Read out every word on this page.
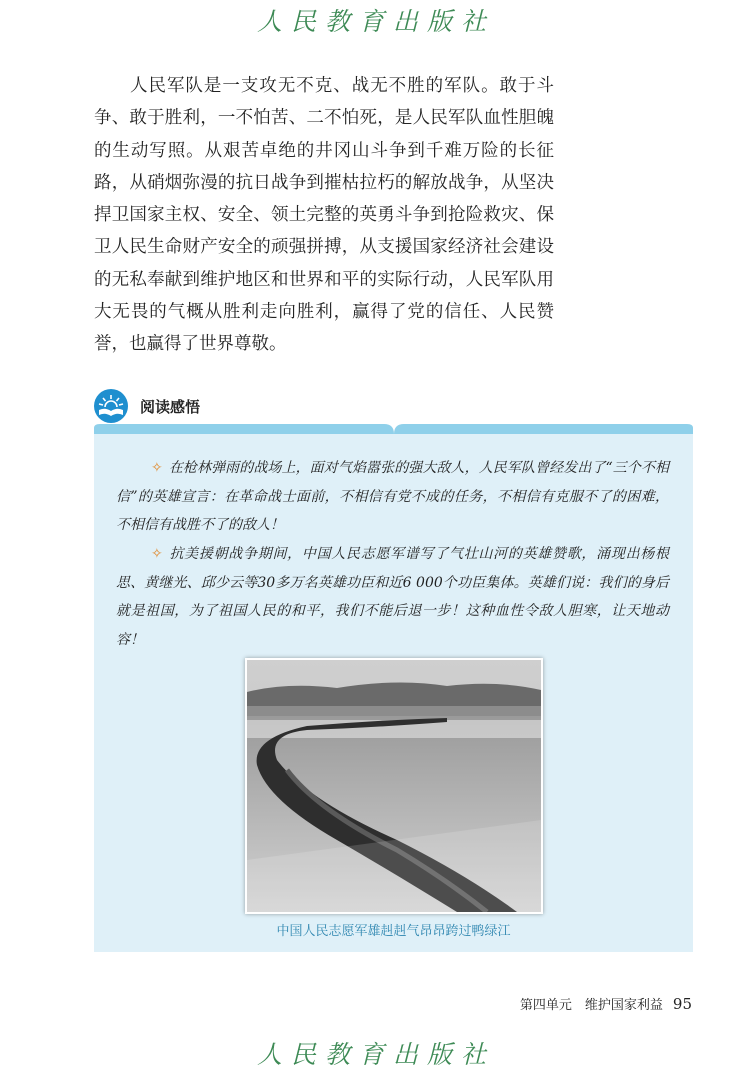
人民教育出版社

人民军队是一支攻无不克、战无不胜的军队。敢于斗争、敢于胜利，一不怕苦、二不怕死，是人民军队血性胆魄的生动写照。从艰苦卓绝的井冈山斗争到千难万险的长征路，从硝烟弥漫的抗日战争到摧枯拉朽的解放战争，从坚决捍卫国家主权、安全、领土完整的英勇斗争到抢险救灾、保卫人民生命财产安全的顽强拼搏，从支援国家经济社会建设的无私奉献到维护地区和世界和平的实际行动，人民军队用大无畏的气概从胜利走向胜利，赢得了党的信任、人民赞誉，也赢得了世界尊敬。

阅读感悟

✧ 在枪林弹雨的战场上，面对气焰嚣张的强大敌人，人民军队曾经发出了“三个不相信”的英雄宣言：在革命战士面前，不相信有党不成的任务，不相信有克服不了的困难，不相信有战胜不了的敌人！

✧ 抗美援朝战争期间，中国人民志愿军谱写了气壮山河的英雄赞歌，涌现出杨根思、黄继光、邱少云等30多万名英雄功臣和近6 000个功臣集体。英雄们说：我们的身后就是祖国，为了祖国人民的和平，我们不能后退一步！这种血性令敌人胆寒，让天地动容！

中国人民志愿军雄赳赳气昂昂跨过鸭绿江
第四单元　维护国家利益 95
人民教育出版社
